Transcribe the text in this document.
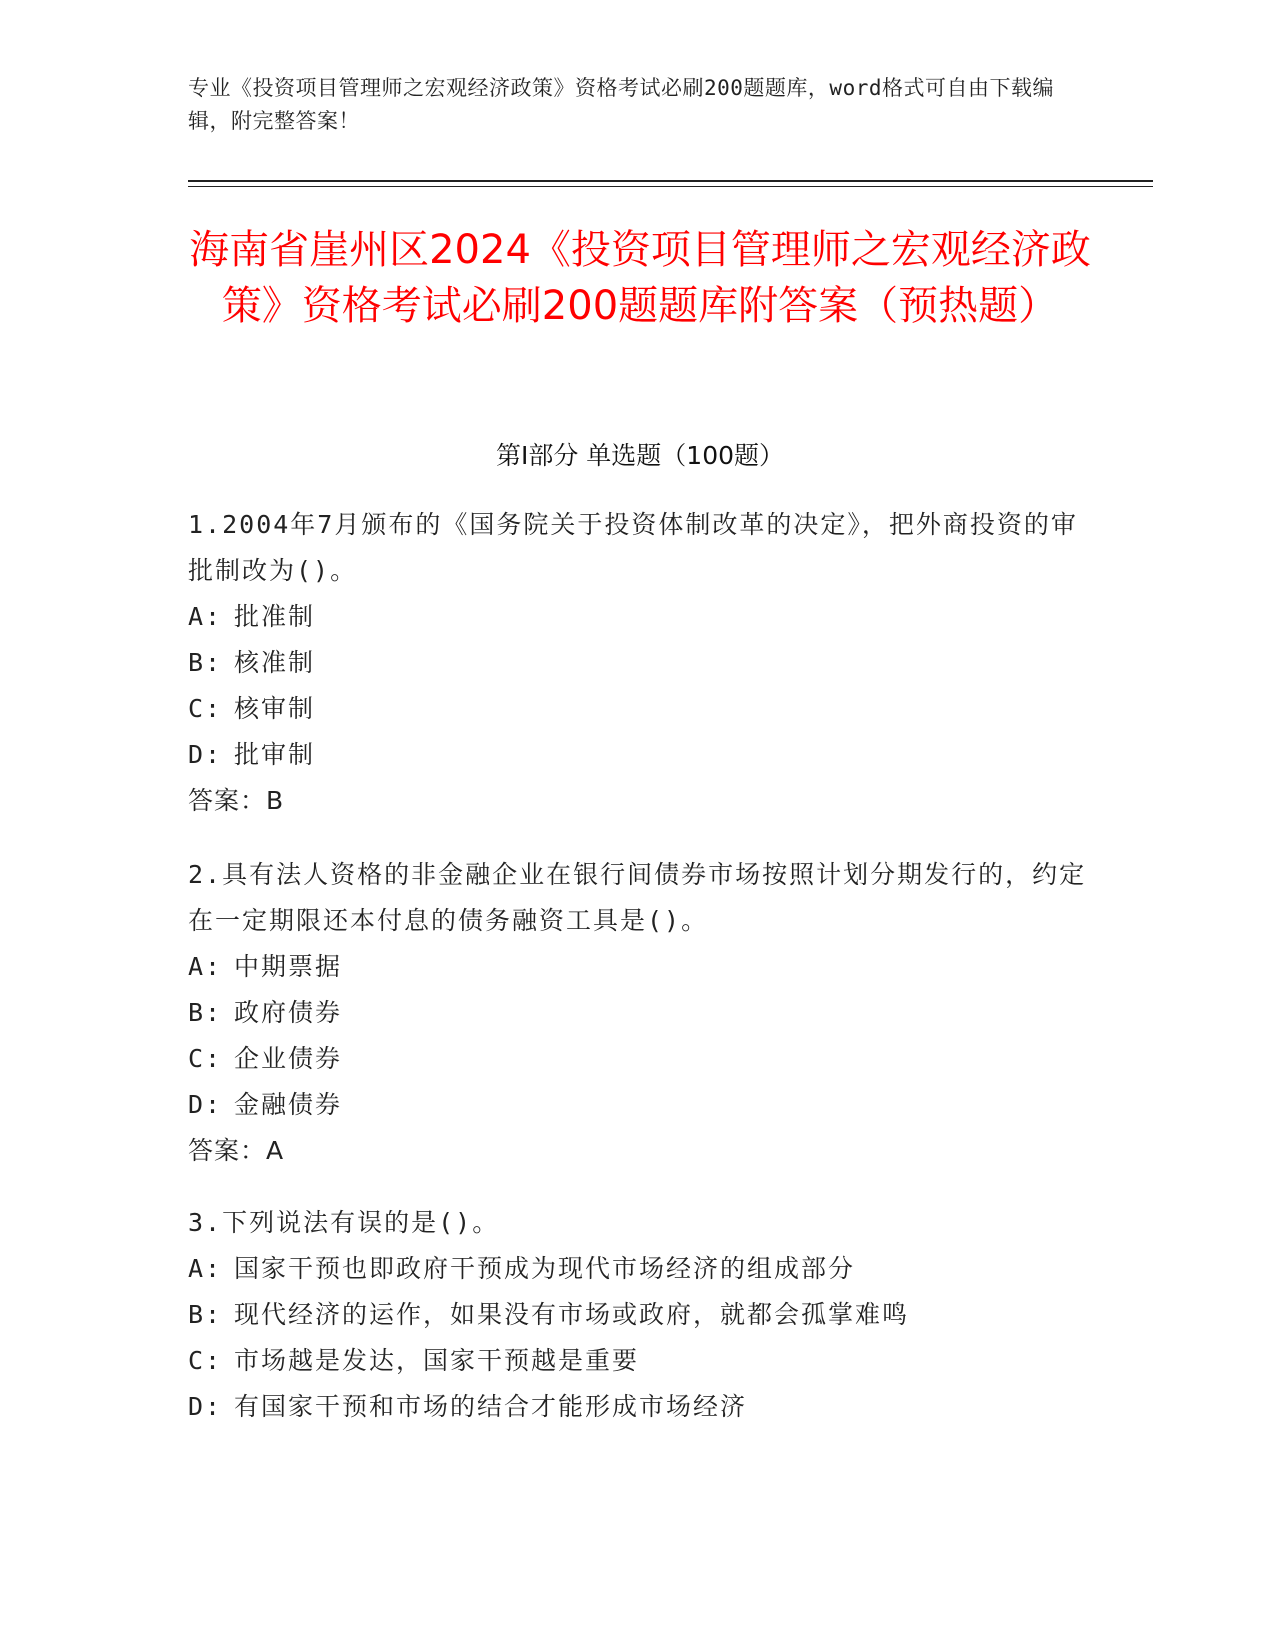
专业《投资项目管理师之宏观经济政策》资格考试必刷200题题库，word格式可自由下载编辑，附完整答案！
海南省崖州区2024《投资项目管理师之宏观经济政策》资格考试必刷200题题库附答案（预热题）
第Ⅰ部分 单选题（100题）
1.2004年7月颁布的《国务院关于投资体制改革的决定》，把外商投资的审批制改为()。
A: 批准制
B: 核准制
C: 核审制
D: 批审制
答案：B
2.具有法人资格的非金融企业在银行间债券市场按照计划分期发行的，约定在一定期限还本付息的债务融资工具是()。
A: 中期票据
B: 政府债券
C: 企业债券
D: 金融债券
答案：A
3.下列说法有误的是()。
A: 国家干预也即政府干预成为现代市场经济的组成部分
B: 现代经济的运作，如果没有市场或政府，就都会孤掌难鸣
C: 市场越是发达，国家干预越是重要
D: 有国家干预和市场的结合才能形成市场经济
